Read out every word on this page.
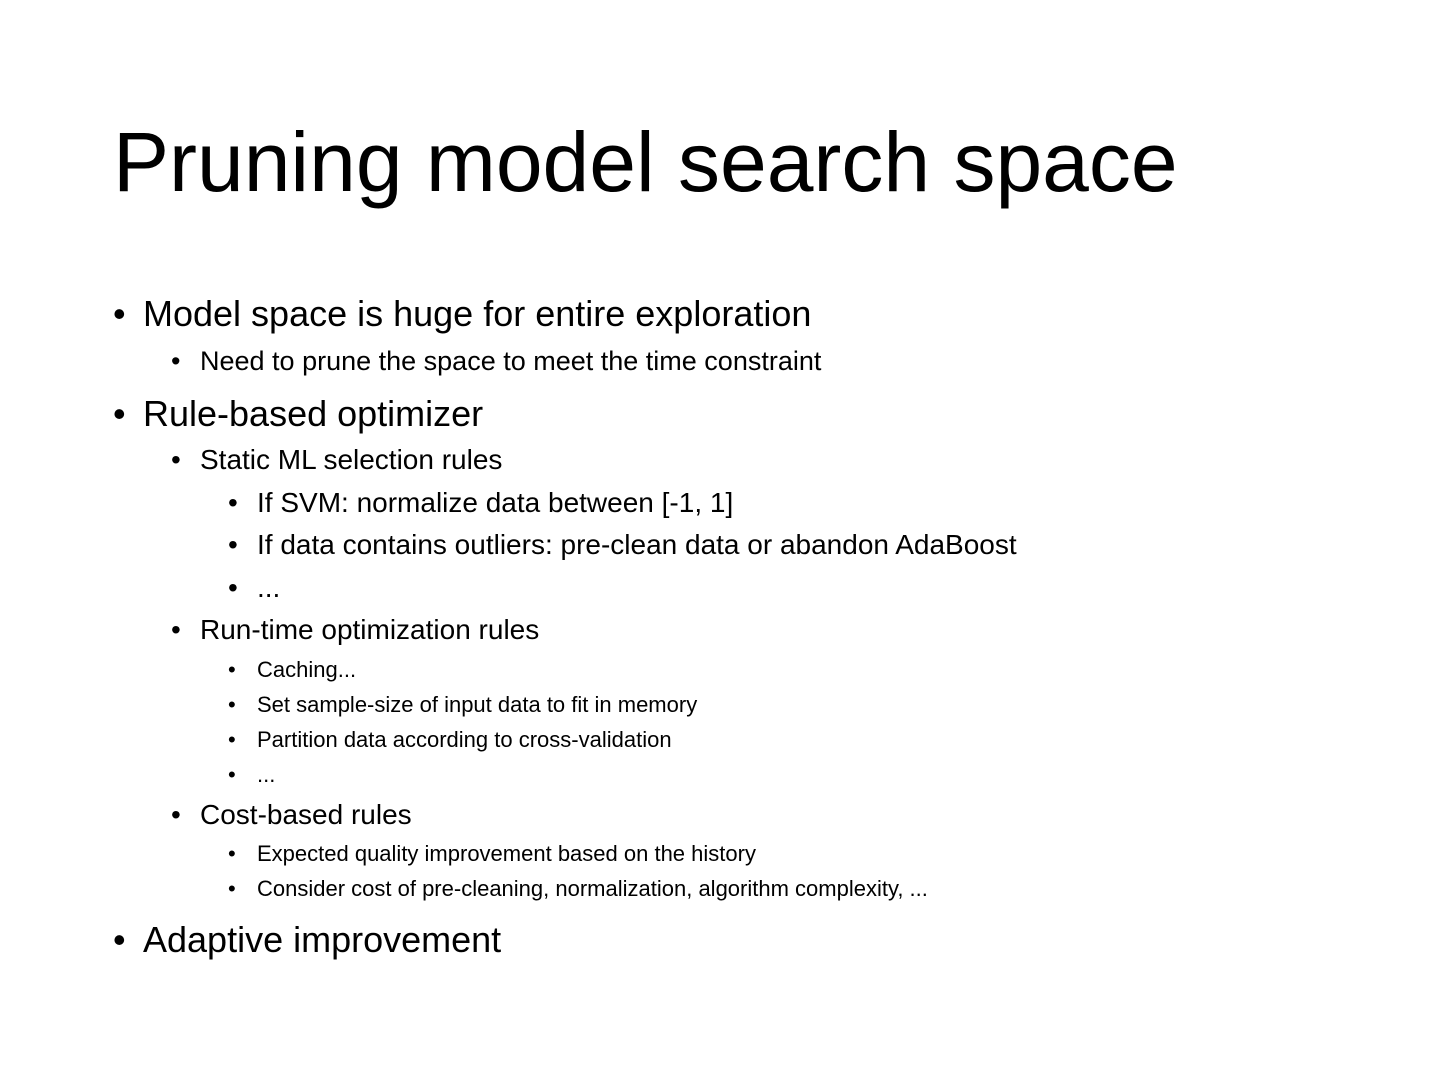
Pruning model search space
• Model space is huge for entire exploration
• Need to prune the space to meet the time constraint
• Rule-based optimizer
• Static ML selection rules
• If SVM: normalize data between [-1, 1]
• If data contains outliers: pre-clean data or abandon AdaBoost
• ...
• Run-time optimization rules
• Caching...
• Set sample-size of input data to fit in memory
• Partition data according to cross-validation
• ...
• Cost-based rules
• Expected quality improvement based on the history
• Consider cost of pre-cleaning, normalization, algorithm complexity, ...
• Adaptive improvement
